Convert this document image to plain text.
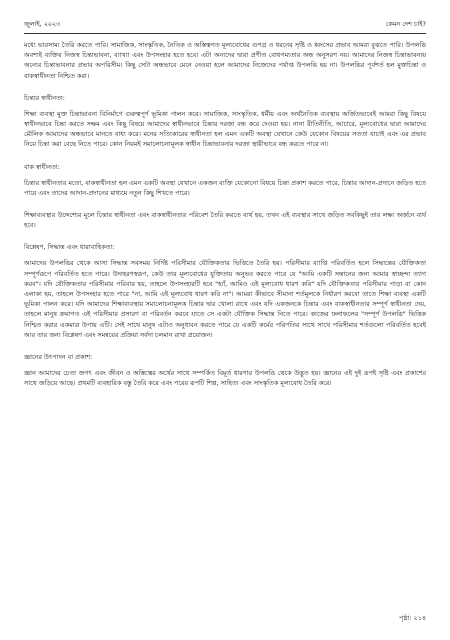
জুলাই, ২০২৩	কেমন দেশ চাই?

মধ্যে ভারসাম্য তৈরি করতে পারি। সামাজিক, সাংস্কৃতিক, নৈতিক ও অস্তিত্বগত মূল্যবোধের গুণগ্র ও ধরনের সৃষ্টি ও ধ্বংসের প্রভাব আমরা বুঝতে পারি। উপলব্ধি অবশ্যই ব্যক্তির নিজস্ব চিন্তাভাবনা, ব্যাখ্যা এবং উপসংহার হতে হবে। এটা অন্যদের দ্বারা প্রণীত বোধগম্যতার অন্ধ অনুসরণ নয়। আমাদের নিজস্ব চিন্তাভাবনায় অন্যের চিন্তাভাবনার প্রভাব অপরিসীম। কিছু সেটা অন্ধভাবে মেনে নেওয়া হলে আমাদের নিজেদের পর্যাপ্ত উপলব্ধি হয় না। উপলব্ধির পূর্বশর্ত হল মুক্তচিন্তা ও বাকস্বাধীনতা নিশ্চিত করা।

চিন্তার স্বাধীনতা:

শিক্ষা ব্যবস্থা মুক্ত চিন্তাভাবনা বিনির্মাণে গুরুত্বপূর্ণ ভূমিকা পালন করে। সামাজিক, সাংস্কৃতিক, ধর্মীয় এবং অর্থনৈতিক ব্যবস্থায় অর্জিতভাবেই আমরা কিছু বিষয়ে স্বাধীনভাবে চিন্তা করতে সক্ষম এবং কিছু বিষয়ে আমাদের স্বাধীনভাবে চিন্তার দরজা বন্ধ করে দেওয়া হয়। নানা রীতিনীতি, আচারে, মূল্যবোধের দ্বারা আমাদের মৌলিক আমাদের অন্ধভাবে মানতে বাধ্য করে। মনের সত্যিকারের স্বাধীনতা হল এমন একটি অবস্থা যেখানে কেউ যেকোন বিষয়ের সততা যাচাই এবং এর প্রভাব নিয়ে চিন্তা করা বেছে নিতে পারে। কোন নিয়মই সমালোচনামূলক স্বাধীন চিন্তাভাবনার দরজা স্থায়ীভাবে বন্ধ করতে পারে না।

বাক স্বাধীনতা:

চিন্তার স্বাধীনতার মতো, বাকস্বাধীনতা হল এমন একটি অবস্থা যেখানে একজন ব্যক্তি যেকোনো বিষয়ে চিন্তা প্রকাশ করতে পারে, চিন্তার আদান-প্রদানে জড়িত হতে পারে এবং তাদের আদান-প্রদানের মাধ্যমে নতুন কিছু শিখতে পারে।

শিক্ষাব্যবস্থার উদ্দেশ্যের মূলে চিন্তার স্বাধীনতা এবং বাকস্বাধীনতার পরিবেশ তৈরি করতে ব্যর্থ হয়, তখন এই ব্যবস্থার সাথে জড়িত সবকিছুই তার লক্ষ্য অর্জনে ব্যর্থ হবে।

বিশ্লেষণ, সিদ্ধান্ত এবং ধারাবাহিকতা:

আমাদের উপলব্ধির থেকে আসা সিদ্ধান্ত সবসময় নির্দিষ্ট পরিসীমার যৌক্তিকতার ভিত্তিতে তৈরি হয়। পরিসীমার ব্যাপ্তি পরিবর্তিত হলে সিদ্ধান্তের যৌক্তিকতা সম্পূর্ণরূপে পরিবর্তিত হতে পারে। উদাহরণস্বরূপ, কেউ তার মূল্যবোধের যুক্তিতায় অনুভব করতে পারে যে "আমি একটি সন্তানের জন্য আমার স্বাচ্ছন্দ্য ত্যাগ করব"। যদি যৌক্তিকতার পরিসীমার পরিবার হয়, তাহলে উপসংহারটি হবে "হ্যাঁ, আমিও এই মূল্যবোধ ধারণ করি" যদি যৌক্তিকতার পরিসীমার পাড়া বা কোন এলাকা হয়, তাহলে উপসংহার হতে পারে "না, আমি এই মূল্যবোধ ধারণ করি না"। আমরা কীভাবে সীমানা শর্তমূলকে নির্ধারণ করবো তাতে শিক্ষা ব্যবস্থা একটি ভূমিকা পালন করে। যদি আমাদের শিক্ষাব্যবস্থায় সমালোচনামূলক চিন্তার দ্বার খোলা রাখে এবং যদি একজনকে চিন্তার এবং বাকস্বাধীনতার সম্পূর্ণ স্বাধীনতা দেয়, তাহলে মানুষ ক্রমাগত এই পরিসীমার প্রসারণ বা পরিবর্তন করবে যাতে সে একটা যৌক্তিক সিদ্ধান্ত নিতে পারে। কাজের ফলাফলের "সম্পূর্ণ উপলব্ধি" ভিত্তিক নিশ্চিত করার একমাত্র উপায় এটি। সেই সাথে মানুষ এটাও অনুধাবন করতে পারে যে একটি কর্মের পরিণতির সাথে সাথে পরিসীমার শর্তগুলো পরিবর্তিত হবেই আর তার জন্য বিশ্লেষণ এবং সমন্বয়ের প্রক্রিয়া সর্বদা চলমান রাখা প্রয়োজন।

জ্ঞানের উৎপাদন বা প্রকাশ:

জ্ঞান আমাদের চেতা জগৎ এবং জীবন ও অস্তিত্বের অর্থের সাথে সম্পর্কিত বিমূর্ত ধারণার উপলব্ধি থেকে উদ্ভূত হয়। জ্ঞানের এই দুই রূপই সৃষ্টি এবং প্রকাশের সাথে জড়িয়ে আছে। প্রথমটি ব্যবহারিক বস্তু তৈরি করে এবং পরের রূপটি শিল্প, সাহিত্য এবং সাংস্কৃতিক মূল্যবোধ তৈরি করে।

পৃষ্ঠা: ২১৪
